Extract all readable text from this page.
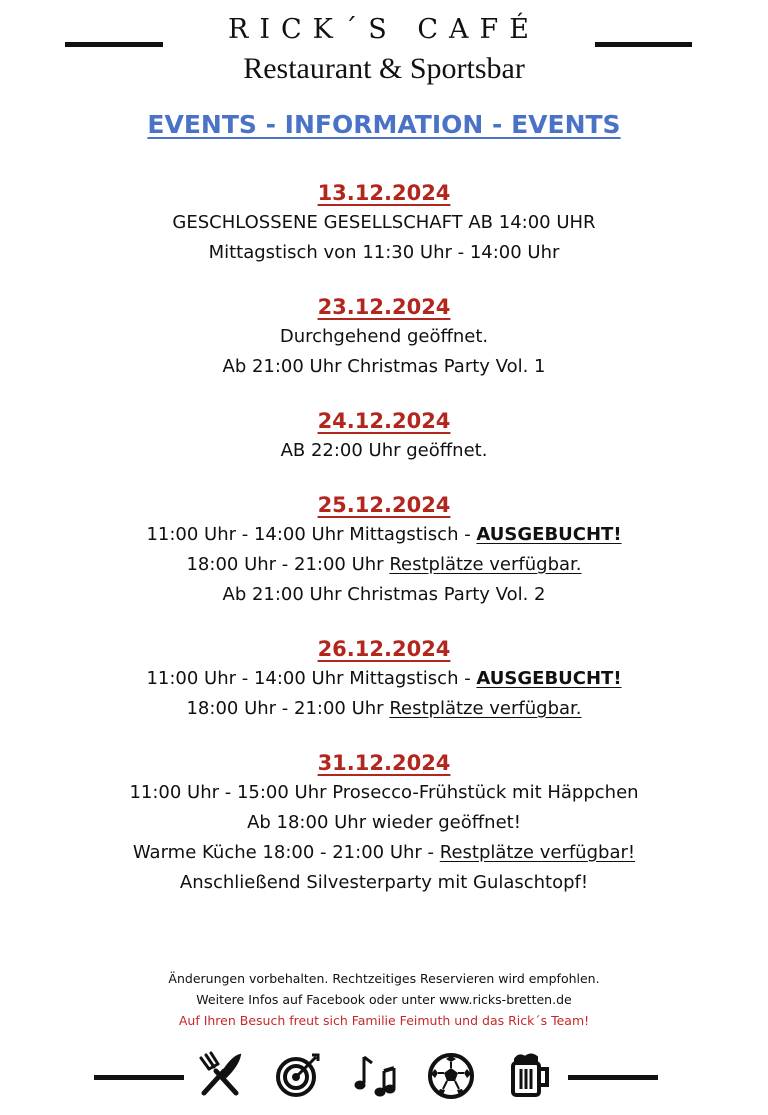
RICK´S CAFÉ
Restaurant & Sportsbar
EVENTS - INFORMATION - EVENTS
13.12.2024
GESCHLOSSENE GESELLSCHAFT AB 14:00 UHR
Mittagstisch von 11:30 Uhr - 14:00 Uhr
23.12.2024
Durchgehend geöffnet.
Ab 21:00 Uhr Christmas Party Vol. 1
24.12.2024
AB 22:00 Uhr geöffnet.
25.12.2024
11:00 Uhr - 14:00 Uhr Mittagstisch - AUSGEBUCHT!
18:00 Uhr - 21:00 Uhr Restplätze verfügbar.
Ab 21:00 Uhr Christmas Party Vol. 2
26.12.2024
11:00 Uhr - 14:00 Uhr Mittagstisch - AUSGEBUCHT!
18:00 Uhr - 21:00 Uhr Restplätze verfügbar.
31.12.2024
11:00 Uhr - 15:00 Uhr Prosecco-Frühstück mit Häppchen
Ab 18:00 Uhr wieder geöffnet!
Warme Küche 18:00 - 21:00 Uhr - Restplätze verfügbar!
Anschließend Silvesterparty mit Gulaschtopf!
Änderungen vorbehalten. Rechtzeitiges Reservieren wird empfohlen.
Weitere Infos auf Facebook oder unter www.ricks-bretten.de
Auf Ihren Besuch freut sich Familie Feimuth und das Rick´s Team!
